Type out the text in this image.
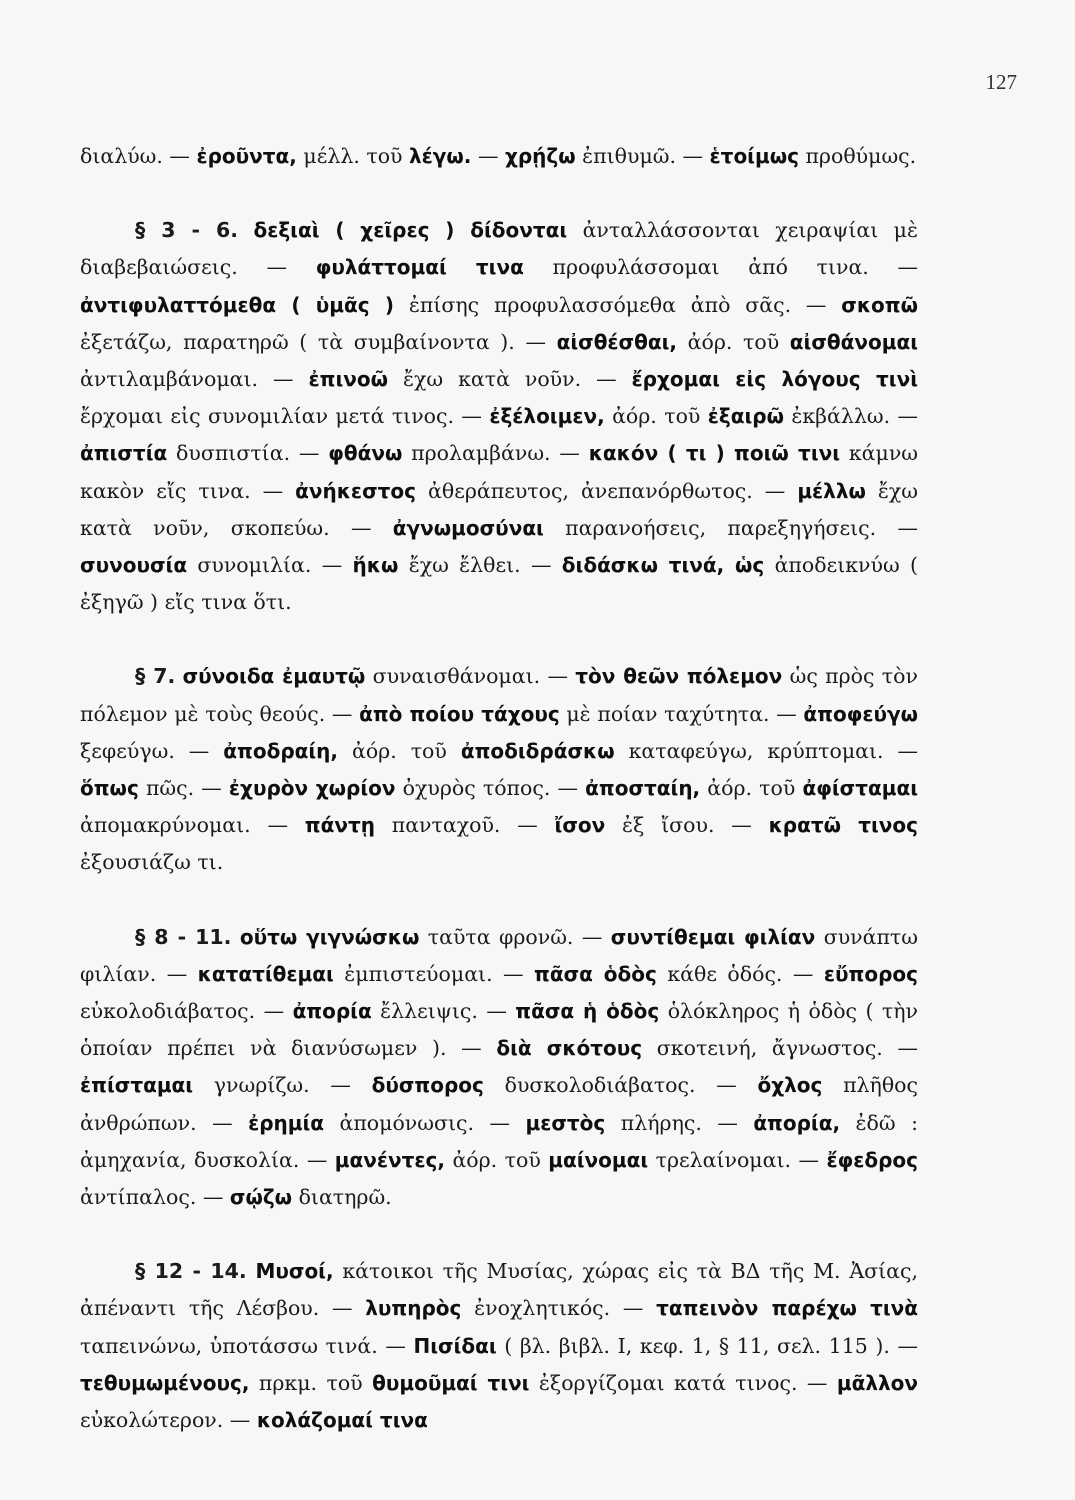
127

διαλύω. — ἐροῦντα, μέλλ. τοῦ λέγω. — χρῄζω ἐπιθυμῶ. — ἑτοίμως προθύμως.

§ 3 - 6. δεξιαὶ ( χεῖρες ) δίδονται ἀνταλλάσσονται χειραψίαι μὲ διαβεβαιώσεις. — φυλάττομαί τινα προφυλάσσομαι ἀπό τινα. — ἀντιφυλαττόμεθα ( ὑμᾶς ) ἐπίσης προφυλασσόμεθα ἀπὸ σᾶς. — σκοπῶ ἐξετάζω, παρατηρῶ ( τὰ συμβαίνοντα ). — αἰσθέσθαι, ἀόρ. τοῦ αἰσθάνομαι ἀντιλαμβάνομαι. — ἐπινοῶ ἔχω κατὰ νοῦν. — ἔρχομαι εἰς λόγους τινὶ ἔρχομαι εἰς συνομιλίαν μετά τινος. — ἐξέλοιμεν, ἀόρ. τοῦ ἐξαιρῶ ἐκβάλλω. — ἀπιστία δυσπιστία. — φθάνω προλαμβάνω. — κακόν ( τι ) ποιῶ τινι κάμνω κακὸν εἴς τινα. — ἀνήκεστος ἀθεράπευτος, ἀνεπανόρθωτος. — μέλλω ἔχω κατὰ νοῦν, σκοπεύω. — ἀγνωμοσύναι παρανοήσεις, παρεξηγήσεις. — συνουσία συνομιλία. — ἥκω ἔχω ἔλθει. — διδάσκω τινά, ὡς ἀποδεικνύω ( ἐξηγῶ ) εἴς τινα ὅτι.

§ 7. σύνοιδα ἐμαυτῷ συναισθάνομαι. — τὸν θεῶν πόλεμον ὡς πρὸς τὸν πόλεμον μὲ τοὺς θεούς. — ἀπὸ ποίου τάχους μὲ ποίαν ταχύτητα. — ἀποφεύγω ξεφεύγω. — ἀποδραίη, ἀόρ. τοῦ ἀποδιδράσκω καταφεύγω, κρύπτομαι. — ὅπως πῶς. — ἐχυρὸν χωρίον ὀχυρὸς τόπος. — ἀποσταίη, ἀόρ. τοῦ ἀφίσταμαι ἀπομακρύνομαι. — πάντῃ πανταχοῦ. — ἴσον ἐξ ἴσου. — κρατῶ τινος ἐξουσιάζω τι.

§ 8 - 11. οὕτω γιγνώσκω ταῦτα φρονῶ. — συντίθεμαι φιλίαν συνάπτω φιλίαν. — κατατίθεμαι ἐμπιστεύομαι. — πᾶσα ὁδὸς κάθε ὁδός. — εὔπορος εὐκολοδιάβατος. — ἀπορία ἔλλειψις. — πᾶσα ἡ ὁδὸς ὁλόκληρος ἡ ὁδὸς ( τὴν ὁποίαν πρέπει νὰ διανύσωμεν ). — διὰ σκότους σκοτεινή, ἄγνωστος. — ἐπίσταμαι γνωρίζω. — δύσπορος δυσκολοδιάβατος. — ὄχλος πλῆθος ἀνθρώπων. — ἐρημία ἀπομόνωσις. — μεστὸς πλήρης. — ἀπορία, ἐδῶ : ἀμηχανία, δυσκολία. — μανέντες, ἀόρ. τοῦ μαίνομαι τρελαίνομαι. — ἔφεδρος ἀντίπαλος. — σῴζω διατηρῶ.

§ 12 - 14. Μυσοί, κάτοικοι τῆς Μυσίας, χώρας εἰς τὰ ΒΔ τῆς Μ. Ἀσίας, ἀπέναντι τῆς Λέσβου. — λυπηρὸς ἐνοχλητικός. — ταπεινὸν παρέχω τινὰ ταπεινώνω, ὑποτάσσω τινά. — Πισίδαι ( βλ. βιβλ. Ι, κεφ. 1, § 11, σελ. 115 ). — τεθυμωμένους, πρκμ. τοῦ θυμοῦμαί τινι ἐξοργίζομαι κατά τινος. — μᾶλλον εὐκολώτερον. — κολάζομαί τινα
